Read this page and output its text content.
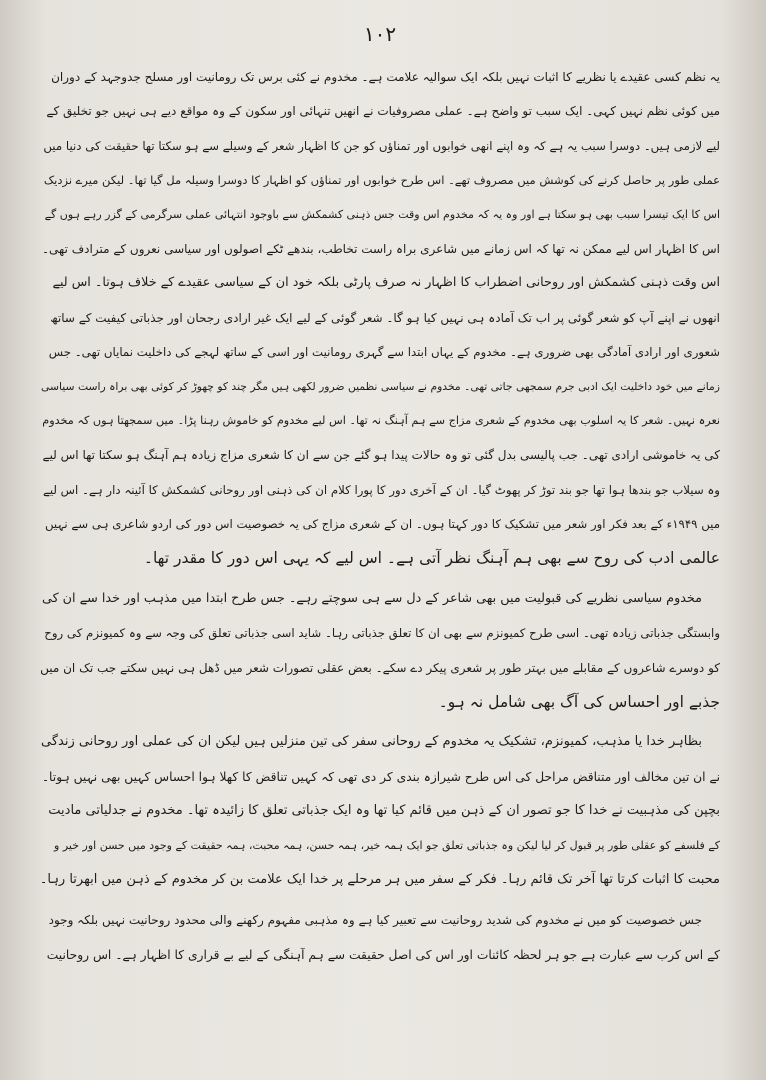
۱۰۲
یہ نظم کسی عقیدے یا نظریے کا اثبات نہیں بلکہ ایک سوالیہ علامت ہے۔ مخدوم نے کئی برس تک رومانیت اور مسلح جدوجہد کے دوران
میں کوئی نظم نہیں کہی۔ ایک سبب تو واضح ہے۔ عملی مصروفیات نے انھیں تنہائی اور سکون کے وہ مواقع دیے ہی نہیں جو تخلیق کے
لیے لازمی ہیں۔ دوسرا سبب یہ ہے کہ وہ اپنے انھی خوابوں اور تمناؤں کو جن کا اظہار شعر کے وسیلے سے ہو سکتا تھا حقیقت کی دنیا میں
عملی طور پر حاصل کرنے کی کوشش میں مصروف تھے۔ اس طرح خوابوں اور تمناؤں کو اظہار کا دوسرا وسیلہ مل گیا تھا۔ لیکن میرے نزدیک
اس کا ایک تیسرا سبب بھی ہو سکتا ہے اور وہ یہ کہ مخدوم اس وقت جس ذہنی کشمکش سے باوجود انتہائی عملی سرگرمی کے گزر رہے ہوں گے
اس کا اظہار اس لیے ممکن نہ تھا کہ اس زمانے میں شاعری براہ راست تخاطب، بندھے ٹکے اصولوں اور سیاسی نعروں کے مترادف تھی۔
اس وقت ذہنی کشمکش اور روحانی اضطراب کا اظہار نہ صرف پارٹی بلکہ خود ان کے سیاسی عقیدے کے خلاف ہوتا۔ اس لیے
انھوں نے اپنے آپ کو شعر گوئی پر اب تک آمادہ ہی نہیں کیا ہو گا۔ شعر گوئی کے لیے ایک غیر ارادی رجحان اور جذباتی کیفیت کے ساتھ
شعوری اور ارادی آمادگی بھی ضروری ہے۔ مخدوم کے یہاں ابتدا سے گہری رومانیت اور اسی کے ساتھ لہجے کی داخلیت نمایاں تھی۔ جس
زمانے میں خود داخلیت ایک ادبی جرم سمجھی جاتی تھی۔ مخدوم نے سیاسی نظمیں ضرور لکھی ہیں مگر چند کو چھوڑ کر کوئی بھی براہ راست سیاسی
نعرہ نہیں۔ شعر کا یہ اسلوب بھی مخدوم کے شعری مزاج سے ہم آہنگ نہ تھا۔ اس لیے مخدوم کو خاموش رہنا پڑا۔ میں سمجھتا ہوں کہ مخدوم
کی یہ خاموشی ارادی تھی۔ جب پالیسی بدل گئی تو وہ حالات پیدا ہو گئے جن سے ان کا شعری مزاج زیادہ ہم آہنگ ہو سکتا تھا اس لیے
وہ سیلاب جو بندھا ہوا تھا جو بند توڑ کر پھوٹ گیا۔ ان کے آخری دور کا پورا کلام ان کی ذہنی اور روحانی کشمکش کا آئینہ دار ہے۔ اس لیے
میں ۱۹۴۹ء کے بعد فکر اور شعر میں تشکیک کا دور کہتا ہوں۔ ان کے شعری مزاج کی یہ خصوصیت اس دور کی اردو شاعری ہی سے نہیں
عالمی ادب کی روح سے بھی ہم آہنگ نظر آتی ہے۔ اس لیے کہ یہی اس دور کا مقدر تھا۔
مخدوم سیاسی نظریے کی قبولیت میں بھی شاعر کے دل سے ہی سوچتے رہے۔ جس طرح ابتدا میں مذہب اور خدا سے ان کی
وابستگی جذباتی زیادہ تھی۔ اسی طرح کمیونزم سے بھی ان کا تعلق جذباتی رہا۔ شاید اسی جذباتی تعلق کی وجہ سے وہ کمیونزم کی روح
کو دوسرے شاعروں کے مقابلے میں بہتر طور پر شعری پیکر دے سکے۔ بعض عقلی تصورات شعر میں ڈھل ہی نہیں سکتے جب تک ان میں
جذبے اور احساس کی آگ بھی شامل نہ ہو۔
بظاہر خدا یا مذہب، کمیونزم، تشکیک یہ مخدوم کے روحانی سفر کی تین منزلیں ہیں لیکن ان کی عملی اور روحانی زندگی
نے ان تین مخالف اور متناقض مراحل کی اس طرح شیرازہ بندی کر دی تھی کہ کہیں تناقض کا کھلا ہوا احساس کہیں بھی نہیں ہوتا۔
بچپن کی مذہبیت نے خدا کا جو تصور ان کے ذہن میں قائم کیا تھا وہ ایک جذباتی تعلق کا زائیدہ تھا۔ مخدوم نے جدلیاتی مادیت
کے فلسفے کو عقلی طور پر قبول کر لیا لیکن وہ جذباتی تعلق جو ایک ہمہ خیر، ہمہ حسن، ہمہ محبت، ہمہ حقیقت کے وجود میں حسن اور خیر و
محبت کا اثبات کرتا تھا آخر تک قائم رہا۔ فکر کے سفر میں ہر مرحلے پر خدا ایک علامت بن کر مخدوم کے ذہن میں ابھرتا رہا۔
جس خصوصیت کو میں نے مخدوم کی شدید روحانیت سے تعبیر کیا ہے وہ مذہبی مفہوم رکھنے والی محدود روحانیت نہیں بلکہ وجود
کے اس کرب سے عبارت ہے جو ہر لحظہ کائنات اور اس کی اصل حقیقت سے ہم آہنگی کے لیے بے قراری کا اظہار ہے۔ اس روحانیت
